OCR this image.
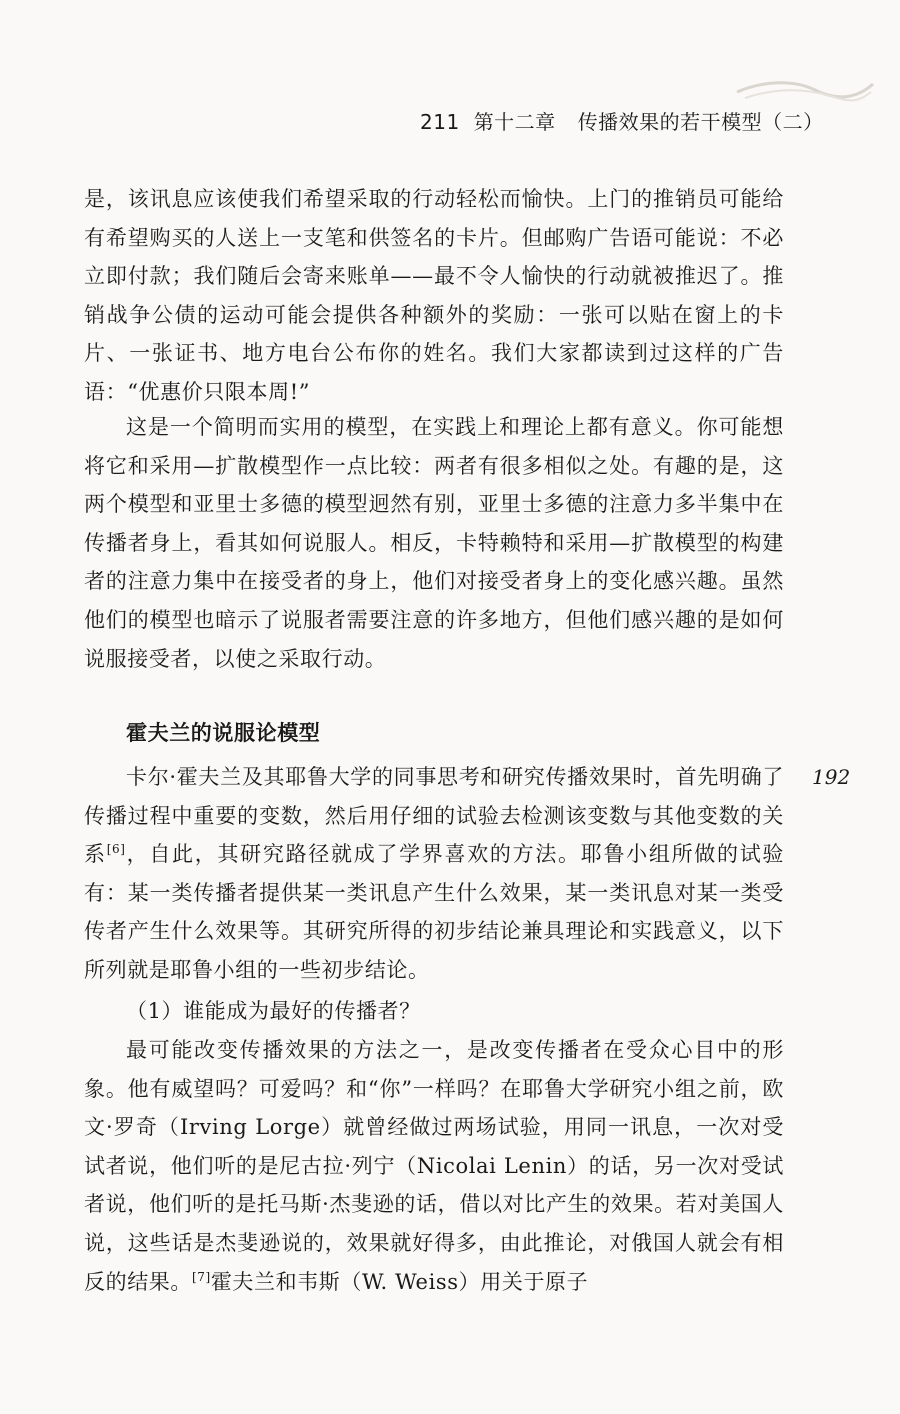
211 第十二章 传播效果的若干模型（二）

是，该讯息应该使我们希望采取的行动轻松而愉快。上门的推销员可能给有希望购买的人送上一支笔和供签名的卡片。但邮购广告语可能说：不必立即付款；我们随后会寄来账单——最不令人愉快的行动就被推迟了。推销战争公债的运动可能会提供各种额外的奖励：一张可以贴在窗上的卡片、一张证书、地方电台公布你的姓名。我们大家都读到过这样的广告语：“优惠价只限本周!”

这是一个简明而实用的模型，在实践上和理论上都有意义。你可能想将它和采用—扩散模型作一点比较：两者有很多相似之处。有趣的是，这两个模型和亚里士多德的模型迥然有别，亚里士多德的注意力多半集中在传播者身上，看其如何说服人。相反，卡特赖特和采用—扩散模型的构建者的注意力集中在接受者的身上，他们对接受者身上的变化感兴趣。虽然他们的模型也暗示了说服者需要注意的许多地方，但他们感兴趣的是如何说服接受者，以使之采取行动。

霍夫兰的说服论模型
192

卡尔·霍夫兰及其耶鲁大学的同事思考和研究传播效果时，首先明确了传播过程中重要的变数，然后用仔细的试验去检测该变数与其他变数的关系[6]，自此，其研究路径就成了学界喜欢的方法。耶鲁小组所做的试验有：某一类传播者提供某一类讯息产生什么效果，某一类讯息对某一类受传者产生什么效果等。其研究所得的初步结论兼具理论和实践意义，以下所列就是耶鲁小组的一些初步结论。

（1）谁能成为最好的传播者？

最可能改变传播效果的方法之一，是改变传播者在受众心目中的形象。他有威望吗？可爱吗？和“你”一样吗？在耶鲁大学研究小组之前，欧文·罗奇（Irving Lorge）就曾经做过两场试验，用同一讯息，一次对受试者说，他们听的是尼古拉·列宁（Nicolai Lenin）的话，另一次对受试者说，他们听的是托马斯·杰斐逊的话，借以对比产生的效果。若对美国人说，这些话是杰斐逊说的，效果就好得多，由此推论，对俄国人就会有相反的结果。[7]霍夫兰和韦斯（W. Weiss）用关于原子
